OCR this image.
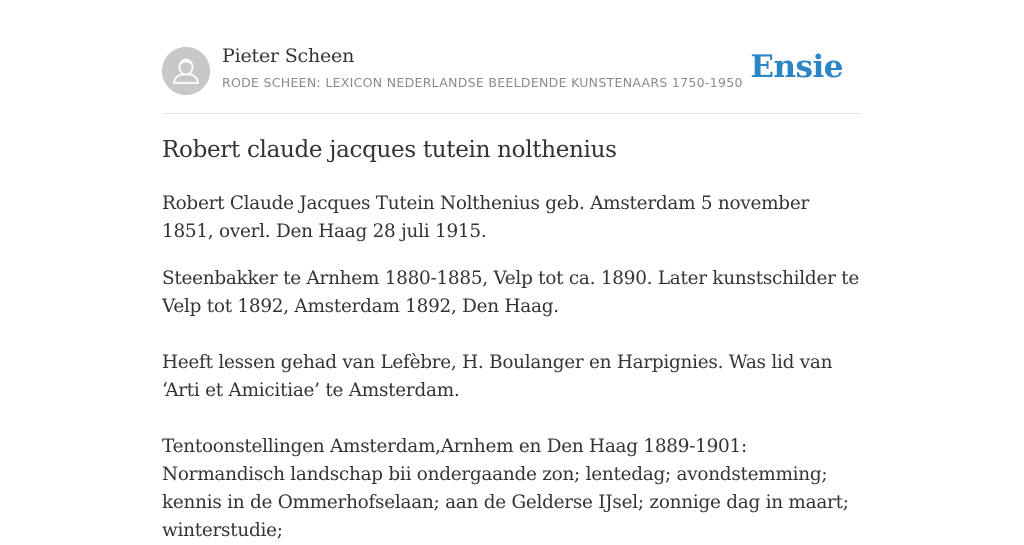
Pieter Scheen
RODE SCHEEN: LEXICON NEDERLANDSE BEELDENDE KUNSTENAARS 1750-1950 Ensie
Robert claude jacques tutein nolthenius

Robert Claude Jacques Tutein Nolthenius geb. Amsterdam 5 november 1851, overl. Den Haag 28 juli 1915.

Steenbakker te Arnhem 1880-1885, Velp tot ca. 1890. Later kunstschilder te Velp tot 1892, Amsterdam 1892, Den Haag.

Heeft lessen gehad van Lefèbre, H. Boulanger en Harpignies. Was lid van ‘Arti et Amicitiae’ te Amsterdam.

Tentoonstellingen Amsterdam,Arnhem en Den Haag 1889-1901: Normandisch landschap bii ondergaande zon; lentedag; avondstemming; kennis in de Ommerhofselaan; aan de Gelderse IJsel; zonnige dag in maart; winterstudie;
